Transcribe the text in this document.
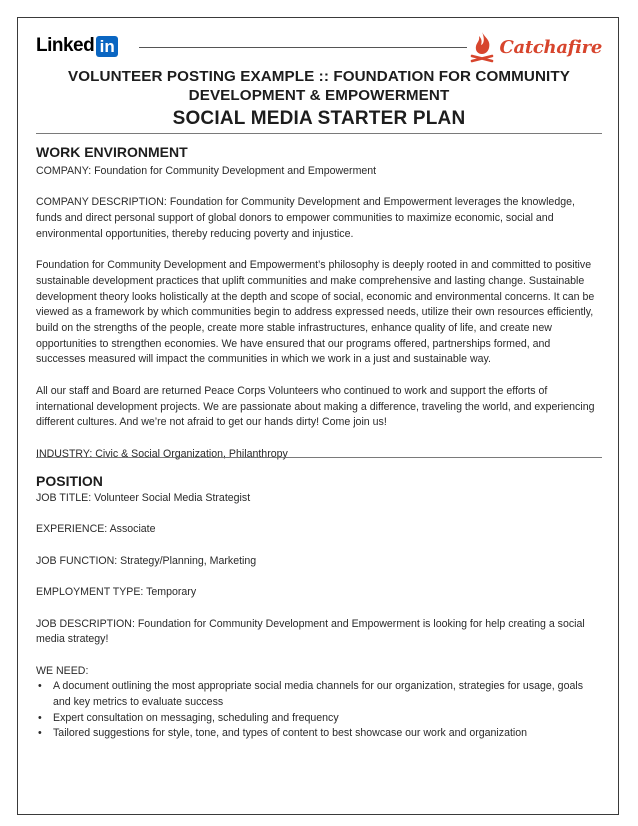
Linked in	Catchafire
VOLUNTEER POSTING EXAMPLE :: FOUNDATION FOR COMMUNITY
DEVELOPMENT & EMPOWERMENT
SOCIAL MEDIA STARTER PLAN
WORK ENVIRONMENT

COMPANY: Foundation for Community Development and Empowerment

COMPANY DESCRIPTION: Foundation for Community Development and Empowerment leverages the knowledge, funds and direct personal support of global donors to empower communities to maximize economic, social and environmental opportunities, thereby reducing poverty and injustice.

Foundation for Community Development and Empowerment’s philosophy is deeply rooted in and committed to positive sustainable development practices that uplift communities and make comprehensive and lasting change. Sustainable development theory looks holistically at the depth and scope of social, economic and environmental concerns. It can be viewed as a framework by which communities begin to address expressed needs, utilize their own resources efficiently, build on the strengths of the people, create more stable infrastructures, enhance quality of life, and create new opportunities to strengthen economies. We have ensured that our programs offered, partnerships formed, and successes measured will impact the communities in which we work in a just and sustainable way.

All our staff and Board are returned Peace Corps Volunteers who continued to work and support the efforts of international development projects. We are passionate about making a difference, traveling the world, and experiencing different cultures. And we’re not afraid to get our hands dirty! Come join us!

INDUSTRY: Civic & Social Organization, Philanthropy

POSITION

JOB TITLE: Volunteer Social Media Strategist

EXPERIENCE: Associate

JOB FUNCTION: Strategy/Planning, Marketing

EMPLOYMENT TYPE: Temporary

JOB DESCRIPTION: Foundation for Community Development and Empowerment is looking for help creating a social media strategy!

WE NEED:

• A document outlining the most appropriate social media channels for our organization, strategies for usage, goals and key metrics to evaluate success
• Expert consultation on messaging, scheduling and frequency
• Tailored suggestions for style, tone, and types of content to best showcase our work and organization
